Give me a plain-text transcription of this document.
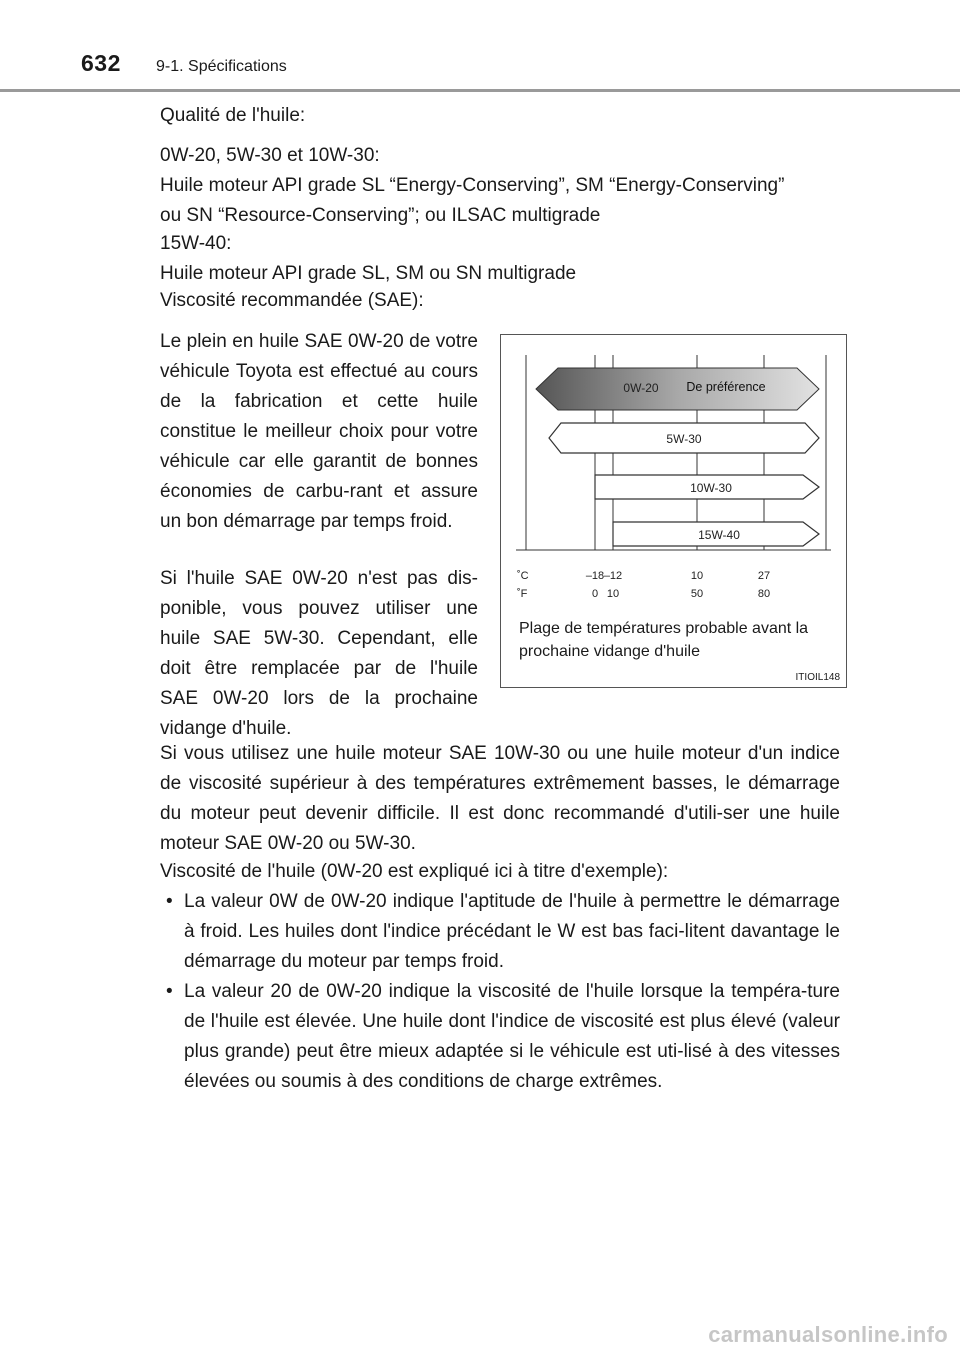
632 9-1. Spécifications
Qualité de l'huile:

0W-20, 5W-30 et 10W-30:

Huile moteur API grade SL “Energy-Conserving”, SM “Energy-Conserving”

ou SN “Resource-Conserving”; ou ILSAC multigrade

15W-40:

Huile moteur API grade SL, SM ou SN multigrade

Viscosité recommandée (SAE):
Le plein en huile SAE 0W-20 de votre véhicule Toyota est effectué au cours de la fabrication et cette huile constitue le meilleur choix pour votre véhicule car elle garantit de bonnes économies de carbu-rant et assure un bon démarrage par temps froid.
Si l'huile SAE 0W-20 n'est pas dis-ponible, vous pouvez utiliser une huile SAE 5W-30. Cependant, elle doit être remplacée par de l'huile SAE 0W-20 lors de la prochaine vidange d'huile.
0W-20 De préférence
5W-30
10W-30
15W-40
˚C	–18 –12	10	27
˚F	0 10	50	80
Plage de températures probable avant la prochaine vidange d'huile
ITIOIL148
Si vous utilisez une huile moteur SAE 10W-30 ou une huile moteur d'un indice de viscosité supérieur à des températures extrêmement basses, le démarrage du moteur peut devenir difficile. Il est donc recommandé d'utili-ser une huile moteur SAE 0W-20 ou 5W-30.

Viscosité de l'huile (0W-20 est expliqué ici à titre d'exemple):

• La valeur 0W de 0W-20 indique l'aptitude de l'huile à permettre le démarrage à froid. Les huiles dont l'indice précédant le W est bas faci-litent davantage le démarrage du moteur par temps froid.
• La valeur 20 de 0W-20 indique la viscosité de l'huile lorsque la tempéra-ture de l'huile est élevée. Une huile dont l'indice de viscosité est plus élevé (valeur plus grande) peut être mieux adaptée si le véhicule est uti-lisé à des vitesses élevées ou soumis à des conditions de charge extrêmes.
carmanualsonline.info
